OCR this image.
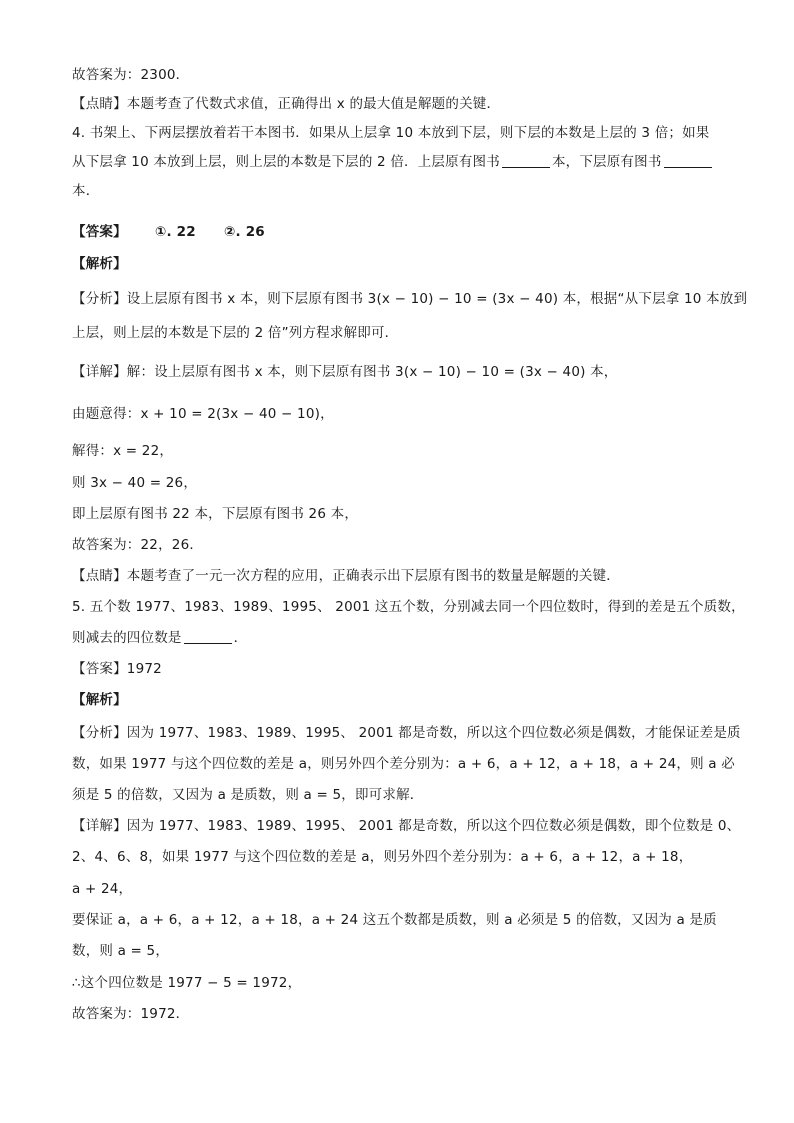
故答案为：2300．
【点睛】本题考查了代数式求值，正确得出 x 的最大值是解题的关键．
4. 书架上、下两层摆放着若干本图书．如果从上层拿 10 本放到下层，则下层的本数是上层的 3 倍；如果
从下层拿 10 本放到上层，则上层的本数是下层的 2 倍．上层原有图书	本，下层原有图书
本．
【答案】 ①. 22 ②. 26
【解析】
【分析】设上层原有图书 x 本，则下层原有图书 3(x − 10) − 10 = (3x − 40) 本，根据“从下层拿 10 本放到
上层，则上层的本数是下层的 2 倍”列方程求解即可．
【详解】解：设上层原有图书 x 本，则下层原有图书 3(x − 10) − 10 = (3x − 40) 本，
由题意得：x + 10 = 2(3x − 40 − 10)，
解得：x = 22，
则 3x − 40 = 26，
即上层原有图书 22 本，下层原有图书 26 本，
故答案为：22，26．
【点睛】本题考查了一元一次方程的应用，正确表示出下层原有图书的数量是解题的关键．
5. 五个数 1977、1983、1989、1995、 2001 这五个数，分别减去同一个四位数时，得到的差是五个质数，
则减去的四位数是	．
【答案】1972
【解析】
【分析】因为 1977、1983、1989、1995、 2001 都是奇数，所以这个四位数必须是偶数，才能保证差是质
数，如果 1977 与这个四位数的差是 a，则另外四个差分别为：a + 6，a + 12，a + 18，a + 24，则 a 必
须是 5 的倍数，又因为 a 是质数，则 a = 5，即可求解．
【详解】因为 1977、1983、1989、1995、 2001 都是奇数，所以这个四位数必须是偶数，即个位数是 0、
2、4、6、8，如果 1977 与这个四位数的差是 a，则另外四个差分别为：a + 6，a + 12，a + 18，
a + 24，
要保证 a，a + 6，a + 12，a + 18，a + 24 这五个数都是质数，则 a 必须是 5 的倍数，又因为 a 是质
数，则 a = 5，
∴这个四位数是 1977 − 5 = 1972，
故答案为：1972．
